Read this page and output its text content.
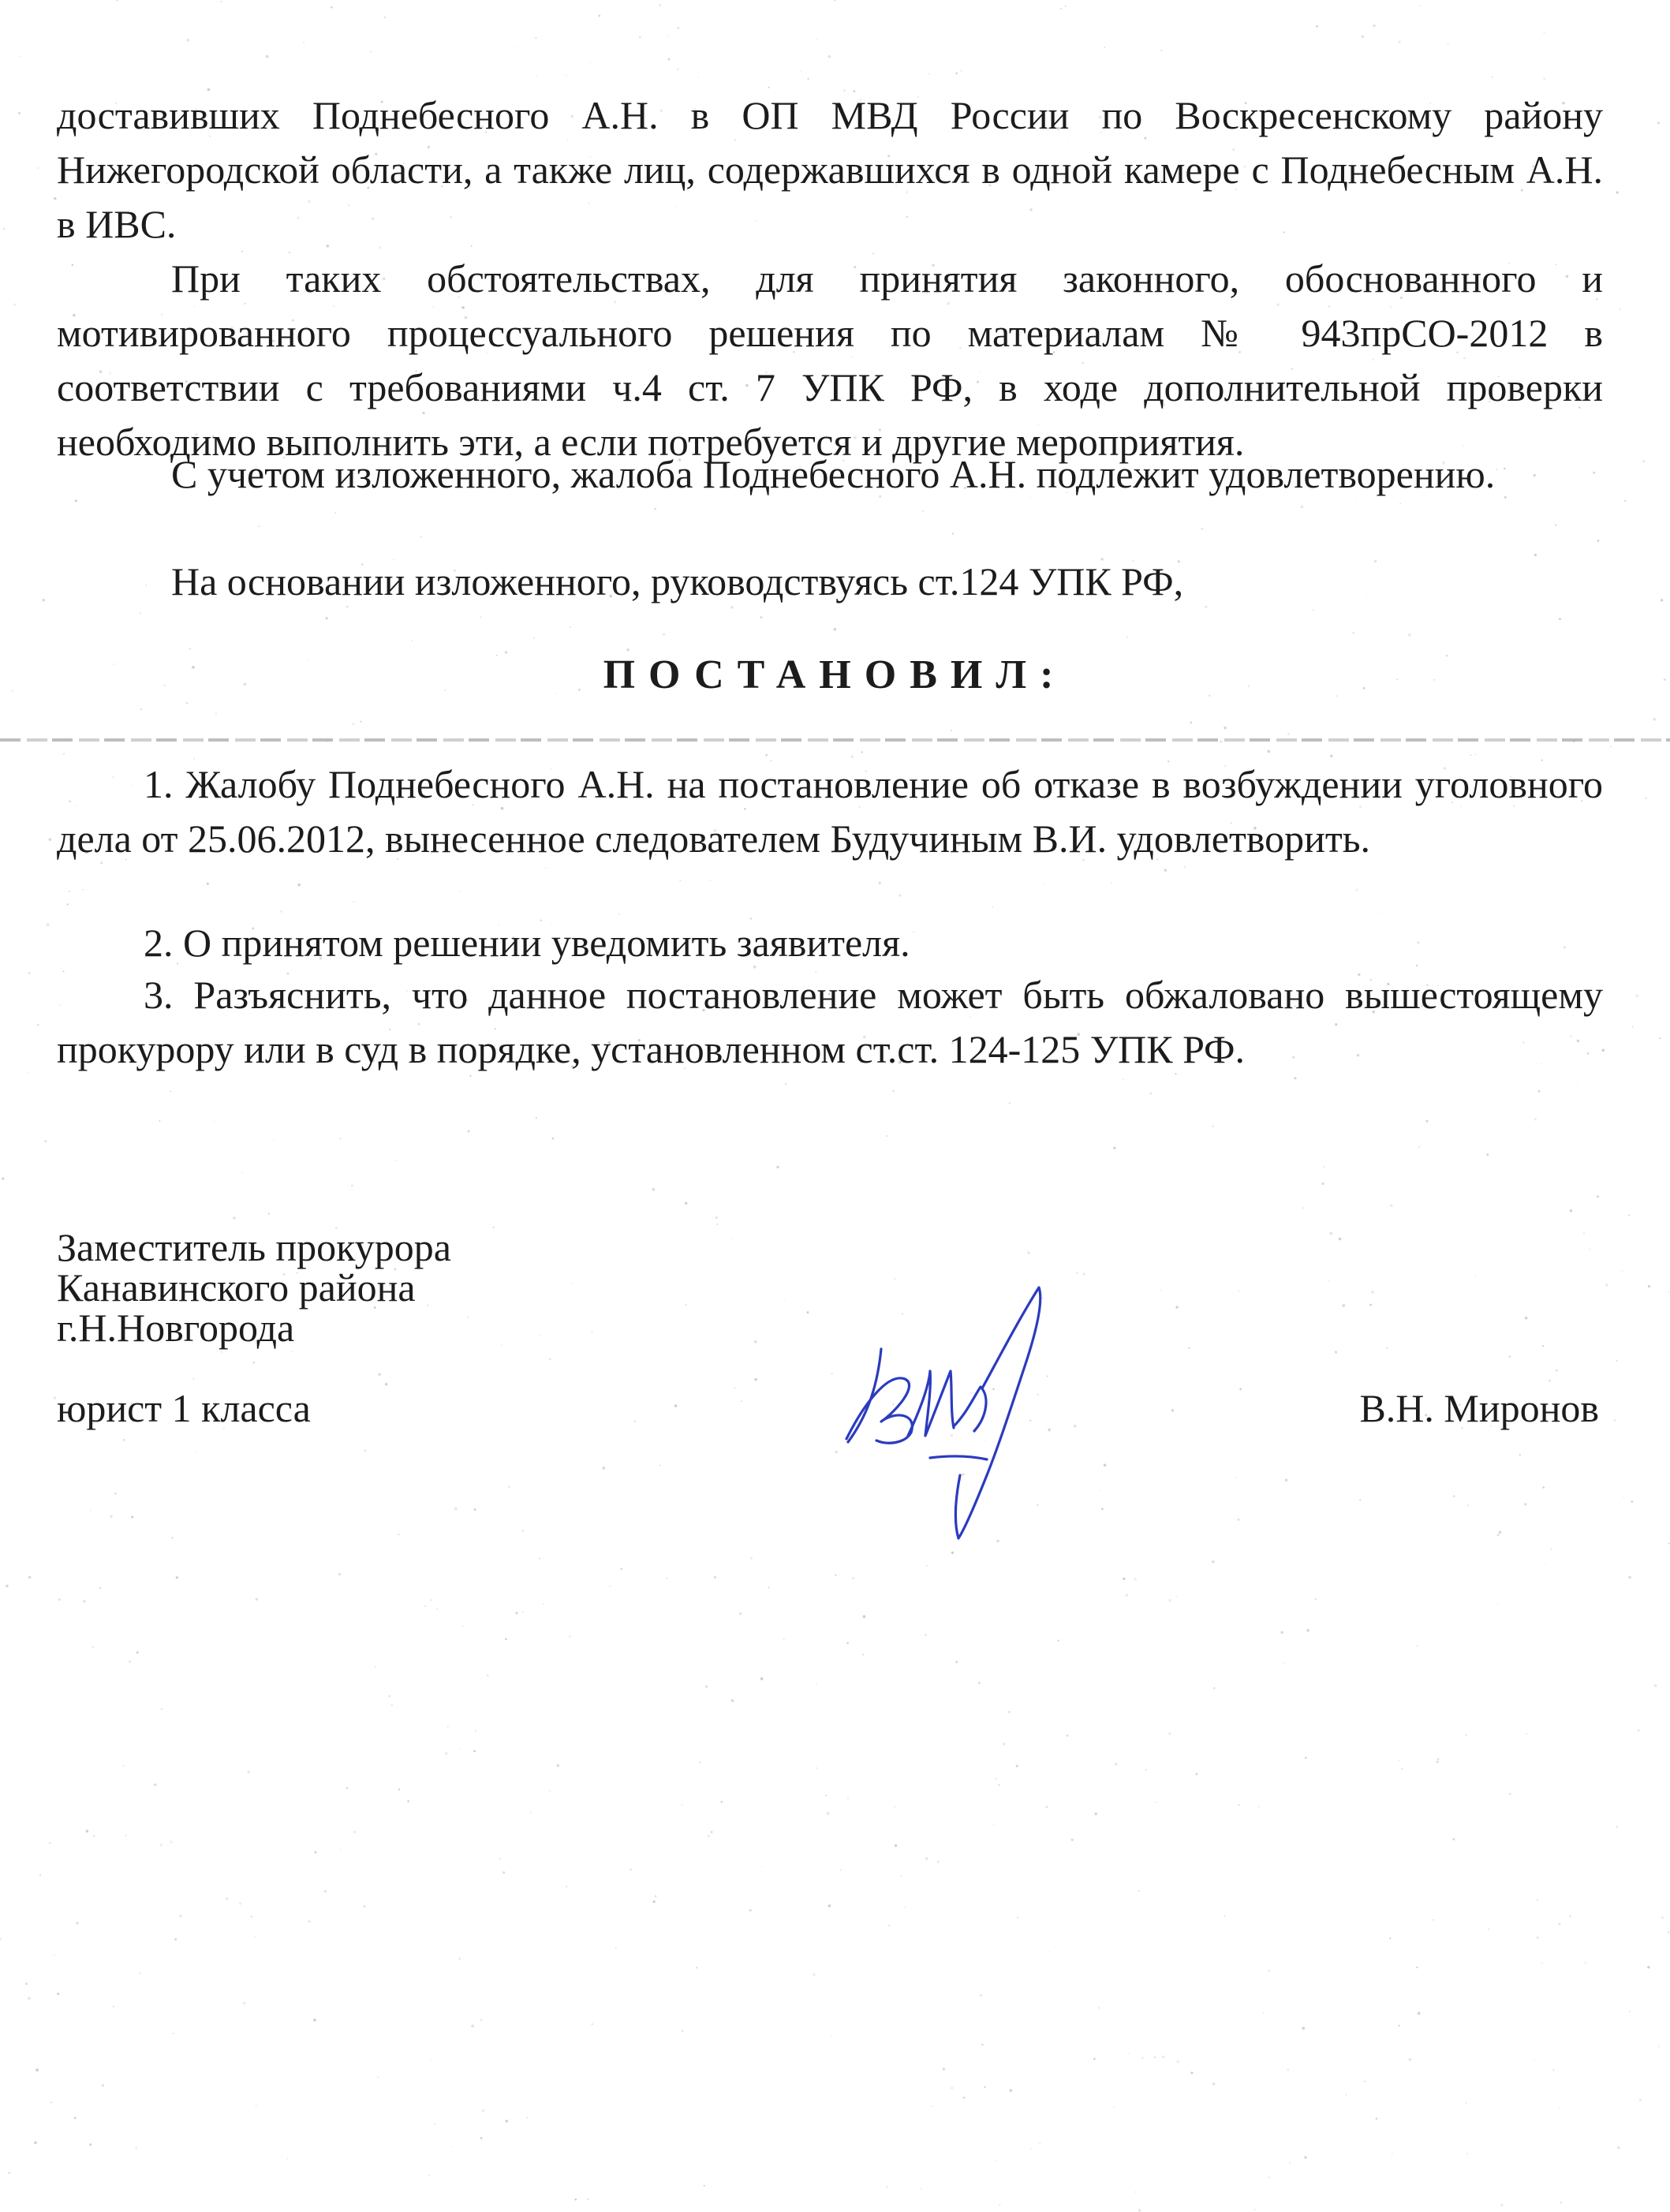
доставивших Поднебесного А.Н. в ОП МВД России по Воскресенскому району Нижегородской области, а также лиц, содержавшихся в одной камере с Поднебесным А.Н. в ИВС.

При таких обстоятельствах, для принятия законного, обоснованного и мотивированного процессуального решения по материалам № 943прСО-2012 в соответствии с требованиями ч.4 ст. 7 УПК РФ, в ходе дополнительной проверки необходимо выполнить эти, а если потребуется и другие мероприятия.

С учетом изложенного, жалоба Поднебесного А.Н. подлежит удовлетворению.

На основании изложенного, руководствуясь ст.124 УПК РФ,

ПОСТАНОВИЛ:

1. Жалобу Поднебесного А.Н. на постановление об отказе в возбуждении уголовного дела от 25.06.2012, вынесенное следователем Будучиным В.И. удовлетворить.

2. О принятом решении уведомить заявителя.

3. Разъяснить, что данное постановление может быть обжаловано вышестоящему прокурору или в суд в порядке, установленном ст.ст. 124-125 УПК РФ.

Заместитель прокурора
Канавинского района
г.Н.Новгорода
юрист 1 класса	В.Н. Миронов
